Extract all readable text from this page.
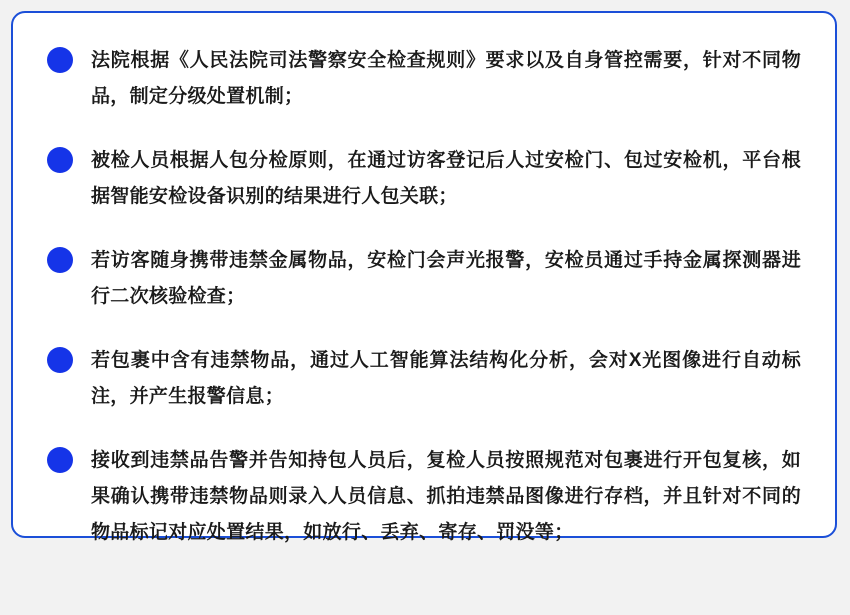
法院根据《人民法院司法警察安全检查规则》要求以及自身管控需要，针对不同物品，制定分级处置机制；
被检人员根据人包分检原则，在通过访客登记后人过安检门、包过安检机，平台根据智能安检设备识别的结果进行人包关联；
若访客随身携带违禁金属物品，安检门会声光报警，安检员通过手持金属探测器进行二次核验检查；
若包裹中含有违禁物品，通过人工智能算法结构化分析，会对X光图像进行自动标注，并产生报警信息；
接收到违禁品告警并告知持包人员后，复检人员按照规范对包裹进行开包复核，如果确认携带违禁物品则录入人员信息、抓拍违禁品图像进行存档，并且针对不同的物品标记对应处置结果，如放行、丢弃、寄存、罚没等；
